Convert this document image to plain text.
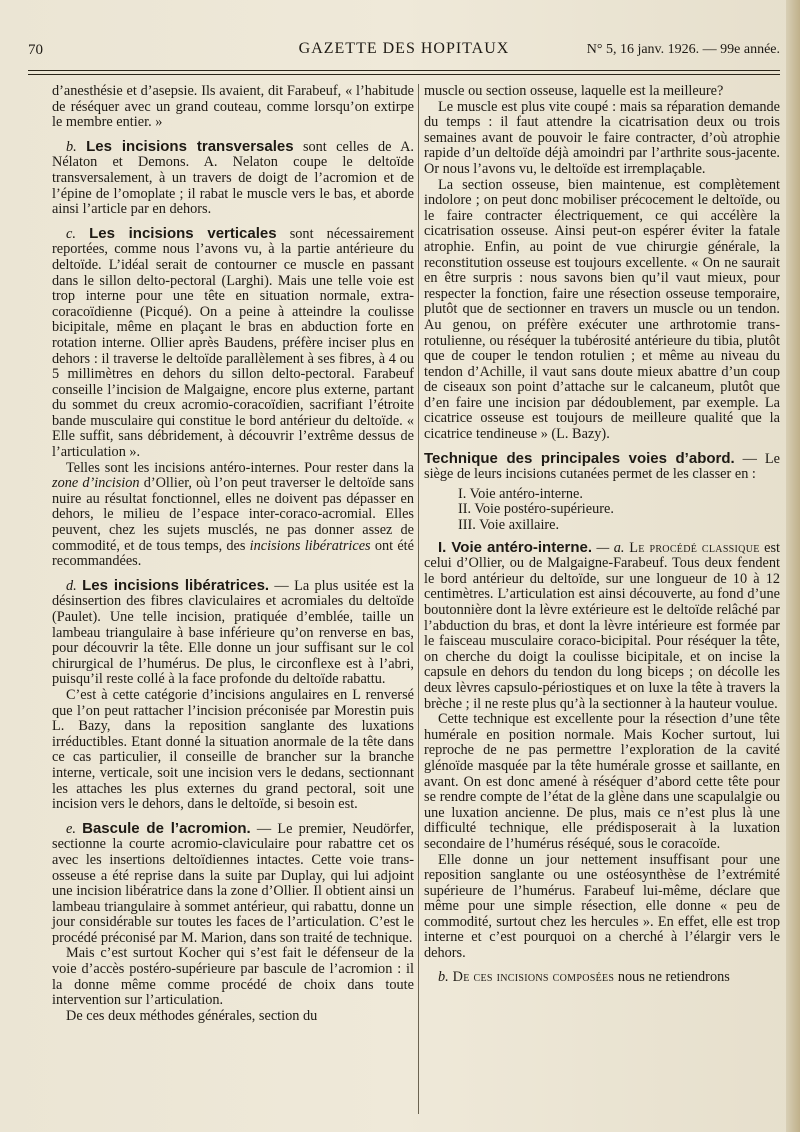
70	GAZETTE DES HOPITAUX	N° 5, 16 janv. 1926. — 99e année.

d’anesthésie et d’asepsie. Ils avaient, dit Farabeuf, « l’habitude de réséquer avec un grand couteau, comme lorsqu’on extirpe le membre entier. »

b. Les incisions transversales sont celles de A. Nélaton et Demons. A. Nelaton coupe le deltoïde transversalement, à un travers de doigt de l’acromion et de l’épine de l’omoplate ; il rabat le muscle vers le bas, et aborde ainsi l’article par en dehors.

c. Les incisions verticales sont nécessairement reportées, comme nous l’avons vu, à la partie antérieure du deltoïde. L’idéal serait de contourner ce muscle en passant dans le sillon delto-pectoral (Larghi). Mais une telle voie est trop interne pour une tête en situation normale, extra-coracoïdienne (Picqué). On a peine à atteindre la coulisse bicipitale, même en plaçant le bras en abduction forte en rotation interne. Ollier après Baudens, préfère inciser plus en dehors : il traverse le deltoïde parallèlement à ses fibres, à 4 ou 5 millimètres en dehors du sillon delto-pectoral. Farabeuf conseille l’incision de Malgaigne, encore plus externe, partant du sommet du creux acromio-coracoïdien, sacrifiant l’étroite bande musculaire qui constitue le bord antérieur du deltoïde. « Elle suffit, sans débridement, à découvrir l’extrême dessus de l’articulation ».

Telles sont les incisions antéro-internes. Pour rester dans la zone d’incision d’Ollier, où l’on peut traverser le deltoïde sans nuire au résultat fonctionnel, elles ne doivent pas dépasser en dehors, le milieu de l’espace inter-coraco-acromial. Elles peuvent, chez les sujets musclés, ne pas donner assez de commodité, et de tous temps, des incisions libératrices ont été recommandées.

d. Les incisions libératrices. — La plus usitée est la désinsertion des fibres claviculaires et acromiales du deltoïde (Paulet). Une telle incision, pratiquée d’emblée, taille un lambeau triangulaire à base inférieure qu’on renverse en bas, pour découvrir la tête. Elle donne un jour suffisant sur le col chirurgical de l’humérus. De plus, le circonflexe est à l’abri, puisqu’il reste collé à la face profonde du deltoïde rabattu.

C’est à cette catégorie d’incisions angulaires en L renversé que l’on peut rattacher l’incision préconisée par Morestin puis L. Bazy, dans la reposition sanglante des luxations irréductibles. Etant donné la situation anormale de la tête dans ce cas particulier, il conseille de brancher sur la branche interne, verticale, soit une incision vers le dedans, sectionnant les attaches les plus externes du grand pectoral, soit une incision vers le dehors, dans le deltoïde, si besoin est.

e. Bascule de l’acromion. — Le premier, Neudörfer, sectionne la courte acromio-claviculaire pour rabattre cet os avec les insertions deltoïdiennes intactes. Cette voie trans-osseuse a été reprise dans la suite par Duplay, qui lui adjoint une incision libératrice dans la zone d’Ollier. Il obtient ainsi un lambeau triangulaire à sommet antérieur, qui rabattu, donne un jour considérable sur toutes les faces de l’articulation. C’est le procédé préconisé par M. Marion, dans son traité de technique.

Mais c’est surtout Kocher qui s’est fait le défenseur de la voie d’accès postéro-supérieure par bascule de l’acromion : il la donne même comme procédé de choix dans toute intervention sur l’articulation.

De ces deux méthodes générales, section du

muscle ou section osseuse, laquelle est la meilleure?

Le muscle est plus vite coupé : mais sa réparation demande du temps : il faut attendre la cicatrisation deux ou trois semaines avant de pouvoir le faire contracter, d’où atrophie rapide d’un deltoïde déjà amoindri par l’arthrite sous-jacente. Or nous l’avons vu, le deltoïde est irremplaçable.

La section osseuse, bien maintenue, est complètement indolore ; on peut donc mobiliser précocement le deltoïde, ou le faire contracter électriquement, ce qui accélère la cicatrisation osseuse. Ainsi peut-on espérer éviter la fatale atrophie. Enfin, au point de vue chirurgie générale, la reconstitution osseuse est toujours excellente. « On ne saurait en être surpris : nous savons bien qu’il vaut mieux, pour respecter la fonction, faire une résection osseuse temporaire, plutôt que de sectionner en travers un muscle ou un tendon. Au genou, on préfère exécuter une arthrotomie trans-rotulienne, ou réséquer la tubérosité antérieure du tibia, plutôt que de couper le tendon rotulien ; et même au niveau du tendon d’Achille, il vaut sans doute mieux abattre d’un coup de ciseaux son point d’attache sur le calcaneum, plutôt que d’en faire une incision par dédoublement, par exemple. La cicatrice osseuse est toujours de meilleure qualité que la cicatrice tendineuse » (L. Bazy).

Technique des principales voies d’abord. — Le siège de leurs incisions cutanées permet de les classer en :

I. Voie antéro-interne.
II. Voie postéro-supérieure.
III. Voie axillaire.

I. Voie antéro-interne. — a. Le procédé classique est celui d’Ollier, ou de Malgaigne-Farabeuf. Tous deux fendent le bord antérieur du deltoïde, sur une longueur de 10 à 12 centimètres. L’articulation est ainsi découverte, au fond d’une boutonnière dont la lèvre extérieure est le deltoïde relâché par l’abduction du bras, et dont la lèvre intérieure est formée par le faisceau musculaire coraco-bicipital. Pour réséquer la tête, on cherche du doigt la coulisse bicipitale, et on incise la capsule en dehors du tendon du long biceps ; on décolle les deux lèvres capsulo-périostiques et on luxe la tête à travers la brèche ; il ne reste plus qu’à la sectionner à la hauteur voulue.

Cette technique est excellente pour la résection d’une tête humérale en position normale. Mais Kocher surtout, lui reproche de ne pas permettre l’exploration de la cavité glénoïde masquée par la tête humérale grosse et saillante, en avant. On est donc amené à réséquer d’abord cette tête pour se rendre compte de l’état de la glène dans une scapulalgie ou une luxation ancienne. De plus, mais ce n’est plus là une difficulté technique, elle prédisposerait à la luxation secondaire de l’humérus réséqué, sous le coracoïde.

Elle donne un jour nettement insuffisant pour une reposition sanglante ou une ostéosynthèse de l’extrémité supérieure de l’humérus. Farabeuf lui-même, déclare que même pour une simple résection, elle donne « peu de commodité, surtout chez les hercules ». En effet, elle est trop interne et c’est pourquoi on a cherché à l’élargir vers le dehors.

b. De ces incisions composées nous ne retiendrons
